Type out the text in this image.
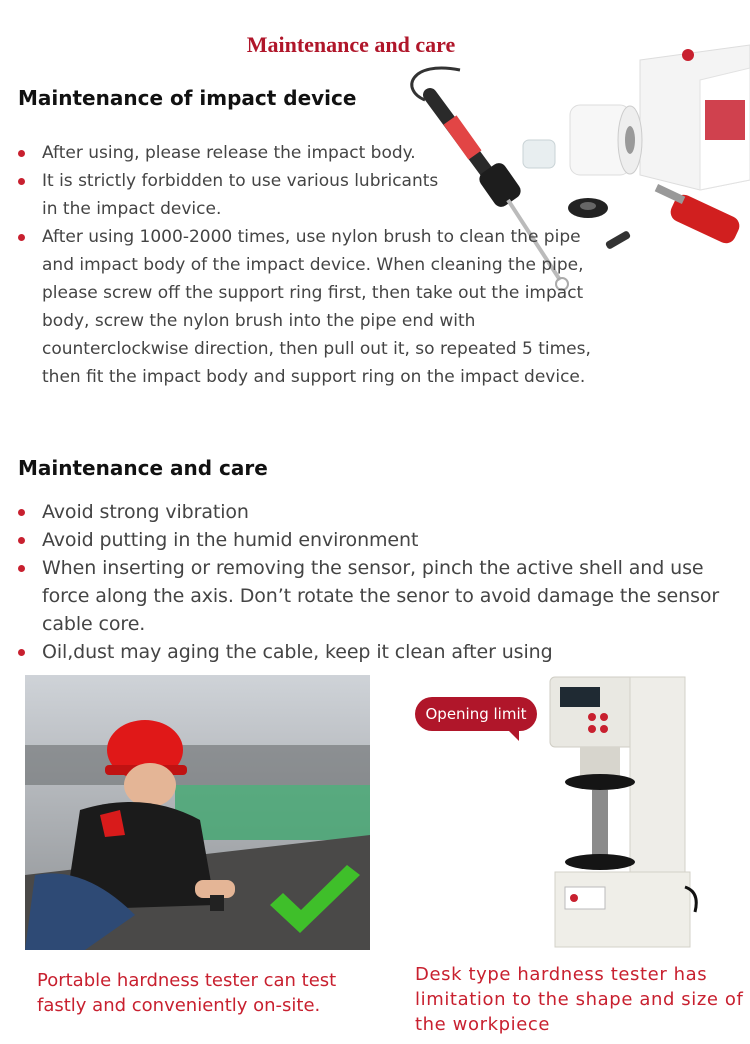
Maintenance and care
Maintenance of impact device
After using, please release the impact body.
It is strictly forbidden to use various lubricants in the impact device.
After using 1000-2000 times, use nylon brush to clean the pipe and impact body of the impact device. When cleaning the pipe, please screw off the support ring first, then take out the impact body, screw the nylon brush into the pipe end with counterclockwise direction, then pull out it, so repeated 5 times, then fit the impact body and support ring on the impact device.
Maintenance and care
Avoid strong vibration
Avoid putting in the humid environment
When inserting or removing the sensor, pinch the active shell and use force along the axis. Don’t rotate the senor to avoid damage the sensor cable core.
Oil,dust may aging the cable, keep it clean after using
Portable hardness tester can test fastly and conveniently on-site.
Opening limit
Desk type hardness tester has limitation to the shape and size of the workpiece
